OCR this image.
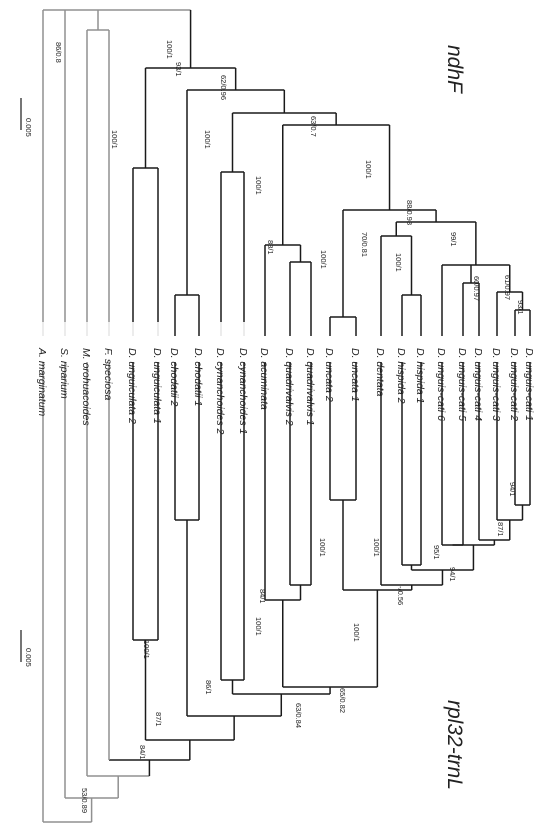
D. unguis-cati 1
D. unguis-cati 2
D. unguis-cati 3
D. unguis-cati 4
D. unguis-cati 5
D. unguis-cati 6
D. hispida 1
D. hispida 2
D. dentata
D. uncata 1
D. uncata 2
D. quadrivalvis 1
D. quadrivalvis 2
D. acuminata
D. cynanchoides 1
D. cynanchoides 2
D. chodatii 1
D. chodatii 2
D. unguiculata 1
D. unguiculata 2
F. speciosa
M. orohuacoides
S. riparium
A. marginatum
93/1
61/0.97
60/0.97
99/1
100/1
70/0.81
100/1
88/0.98
100/1
88/1
100/1
63/0.7
100/1
62/0.96
100/1
93/1
100/1
86/0.8
94/1
87/1
95/1
94/1
100/1
-/0.56
100/1
100/1
84/1
100/1
65/0.82
86/1
63/0.84
87/1
100/1
84/1
53/0.89
ndhF
rpl32-trnL
0.005
0.005
